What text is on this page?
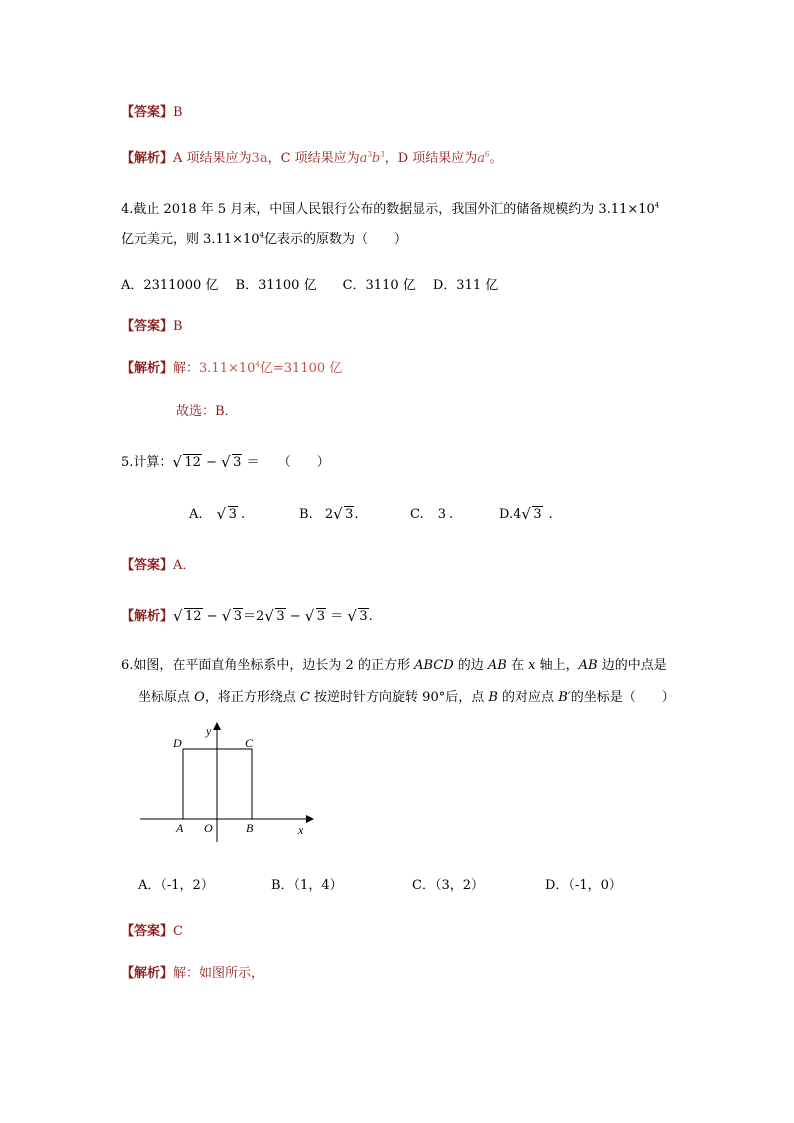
【答案】B
【解析】A 项结果应为3a，C 项结果应为$a^3b^3$，D 项结果应为$a^6$。
4.截止 2018 年 5 月末，中国人民银行公布的数据显示，我国外汇的储备规模约为 $3.11\times 10^4$
亿元美元，则 $3.11\times 10^4$亿表示的原数为（　　）
A．2311000 亿　 B．31100 亿　　C．3110 亿　 D．311 亿
【答案】B
【解析】解：$3.11\times 10^4$亿=31100 亿
故选：B．
5.计算： √ 12 − √ 3 ＝ （　　）
A. √ 3 .	B. 2 √ 3.	C. 3 .	D.4 √ 3 .
【答案】A．
【解析】 √ 12 − √ 3＝2 √ 3 − √ 3 ＝ √ 3.
6.如图，在平面直角坐标系中，边长为 2 的正方形 ABCD 的边 AB 在 x 轴上，AB 边的中点是
坐标原点 O，将正方形绕点 C 按逆时针方向旋转 90°后，点 B 的对应点 B′的坐标是（　　）
y
x
D	C
A O	B
A．（-1，2）	B．（1，4）	C．（3，2）	D．（-1，0）
【答案】C
【解析】解：如图所示，
